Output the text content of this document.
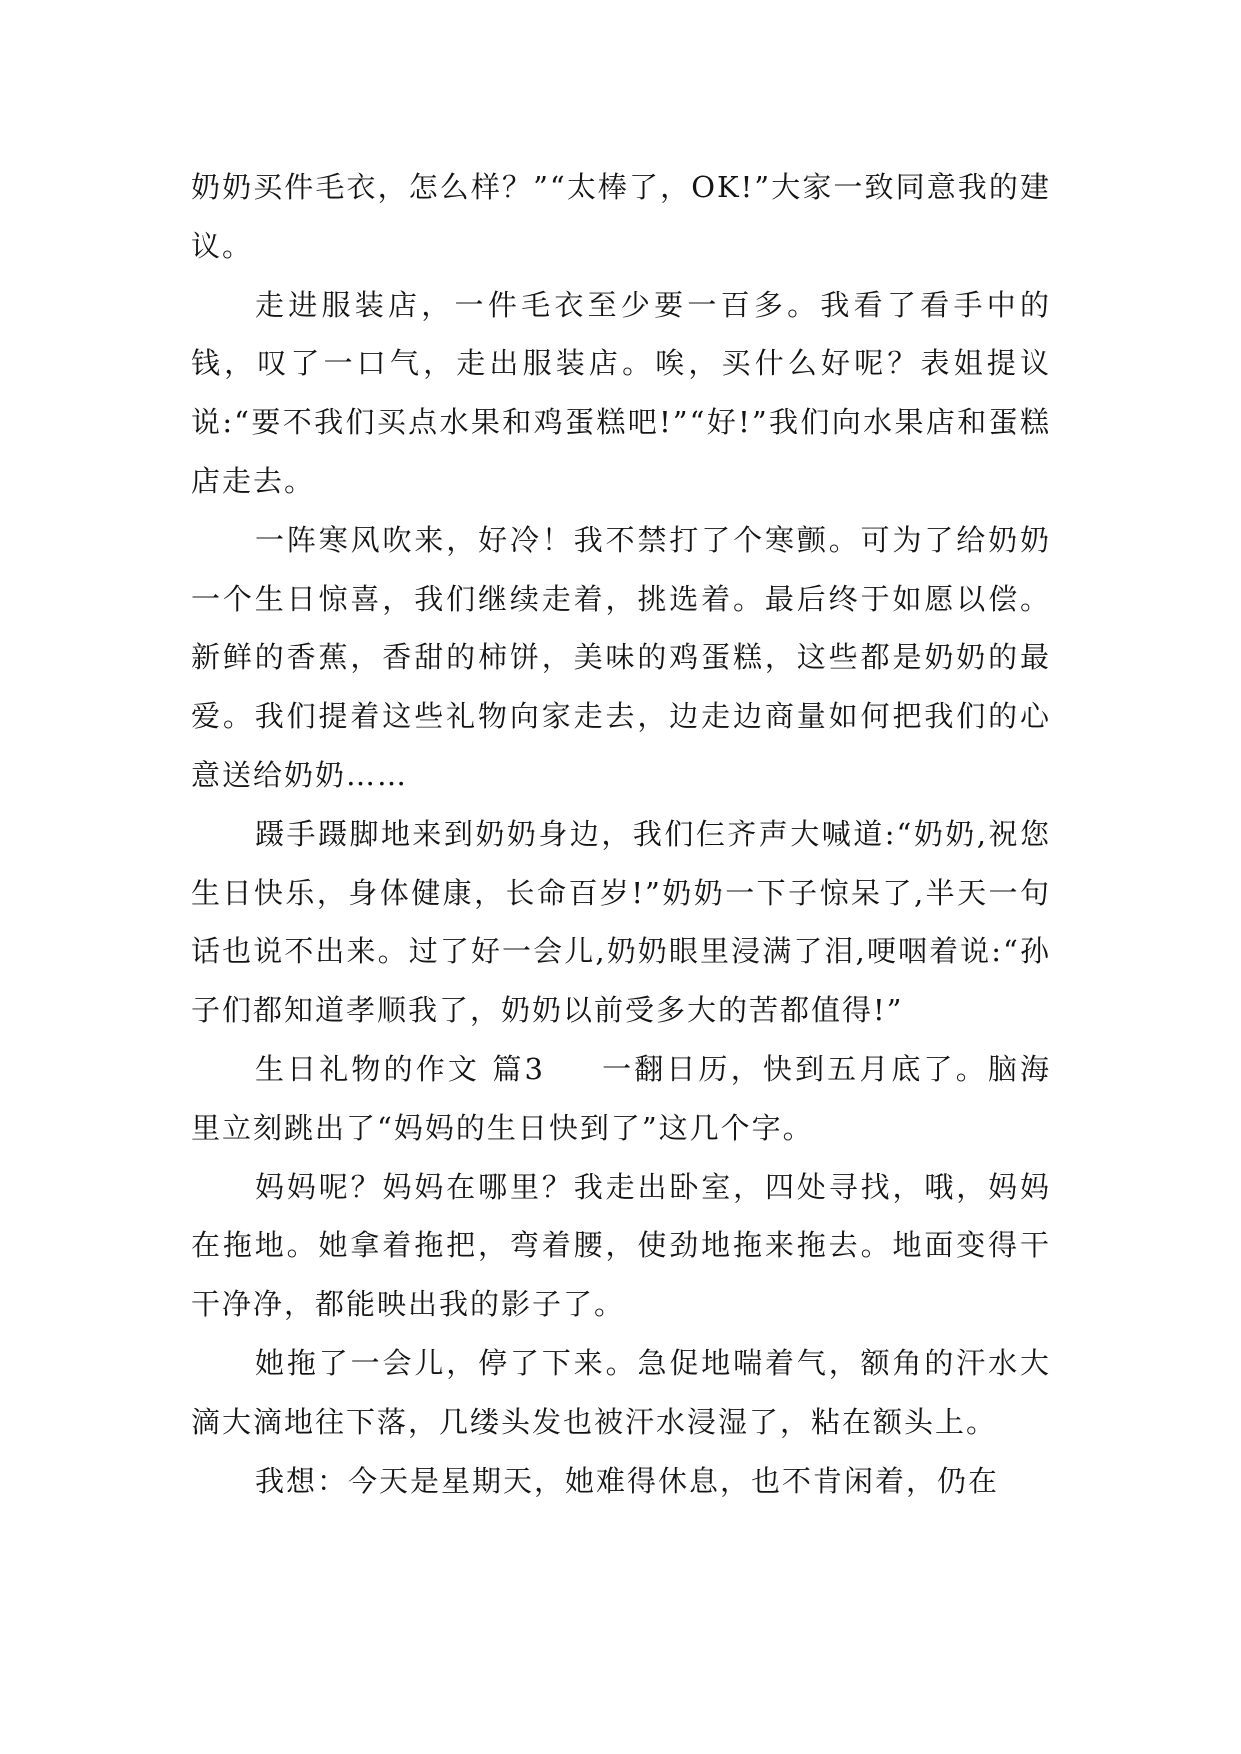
奶奶买件毛衣，怎么样？”“太棒了，OK!”大家一致同意我的建议。

走进服装店，一件毛衣至少要一百多。我看了看手中的钱，叹了一口气，走出服装店。唉，买什么好呢？表姐提议说:“要不我们买点水果和鸡蛋糕吧!”“好!”我们向水果店和蛋糕店走去。

一阵寒风吹来，好冷！我不禁打了个寒颤。可为了给奶奶一个生日惊喜，我们继续走着，挑选着。最后终于如愿以偿。新鲜的香蕉，香甜的柿饼，美味的鸡蛋糕，这些都是奶奶的最爱。我们提着这些礼物向家走去，边走边商量如何把我们的心意送给奶奶……

蹑手蹑脚地来到奶奶身边，我们仨齐声大喊道:“奶奶,祝您生日快乐，身体健康，长命百岁!”奶奶一下子惊呆了,半天一句话也说不出来。过了好一会儿,奶奶眼里浸满了泪,哽咽着说:“孙子们都知道孝顺我了，奶奶以前受多大的苦都值得!”

生日礼物的作文 篇3 一翻日历，快到五月底了。脑海里立刻跳出了“妈妈的生日快到了”这几个字。

妈妈呢？妈妈在哪里？我走出卧室，四处寻找，哦，妈妈在拖地。她拿着拖把，弯着腰，使劲地拖来拖去。地面变得干干净净，都能映出我的影子了。

她拖了一会儿，停了下来。急促地喘着气，额角的汗水大滴大滴地往下落，几缕头发也被汗水浸湿了，粘在额头上。

我想：今天是星期天，她难得休息，也不肯闲着，仍在
